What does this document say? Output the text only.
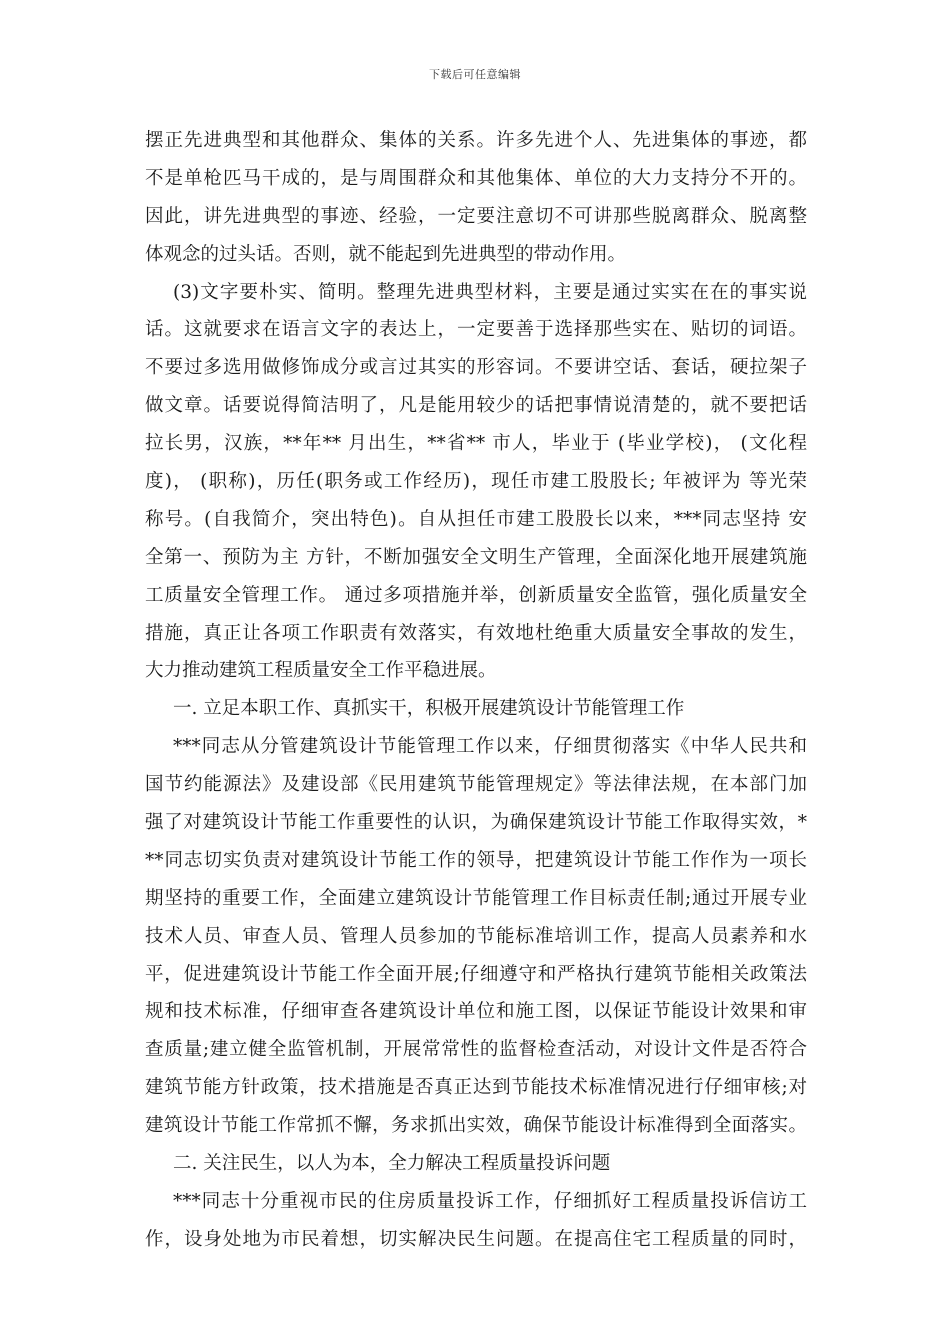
下载后可任意编辑
摆正先进典型和其他群众、集体的关系。许多先进个人、先进集体的事迹，都
不是单枪匹马干成的，是与周围群众和其他集体、单位的大力支持分不开的。
因此，讲先进典型的事迹、经验，一定要注意切不可讲那些脱离群众、脱离整
体观念的过头话。否则，就不能起到先进典型的带动作用。
(3)文字要朴实、简明。整理先进典型材料，主要是通过实实在在的事实说
话。这就要求在语言文字的表达上，一定要善于选择那些实在、贴切的词语。
不要过多选用做修饰成分或言过其实的形容词。不要讲空话、套话，硬拉架子
做文章。话要说得简洁明了，凡是能用较少的话把事情说清楚的，就不要把话
拉长男，汉族，**年** 月出生，**省** 市人，毕业于 (毕业学校)， (文化程
度)， (职称)，历任(职务或工作经历)，现任市建工股股长; 年被评为 等光荣
称号。(自我简介，突出特色)。自从担任市建工股股长以来，***同志坚持 安
全第一、预防为主 方针，不断加强安全文明生产管理，全面深化地开展建筑施
工质量安全管理工作。 通过多项措施并举，创新质量安全监管，强化质量安全
措施，真正让各项工作职责有效落实，有效地杜绝重大质量安全事故的发生，
大力推动建筑工程质量安全工作平稳进展。
一. 立足本职工作、真抓实干，积极开展建筑设计节能管理工作
***同志从分管建筑设计节能管理工作以来，仔细贯彻落实《中华人民共和
国节约能源法》及建设部《民用建筑节能管理规定》等法律法规，在本部门加
强了对建筑设计节能工作重要性的认识，为确保建筑设计节能工作取得实效，*
**同志切实负责对建筑设计节能工作的领导，把建筑设计节能工作作为一项长
期坚持的重要工作，全面建立建筑设计节能管理工作目标责任制;通过开展专业
技术人员、审查人员、管理人员参加的节能标准培训工作，提高人员素养和水
平，促进建筑设计节能工作全面开展;仔细遵守和严格执行建筑节能相关政策法
规和技术标准，仔细审查各建筑设计单位和施工图，以保证节能设计效果和审
查质量;建立健全监管机制，开展常常性的监督检查活动，对设计文件是否符合
建筑节能方针政策，技术措施是否真正达到节能技术标准情况进行仔细审核;对
建筑设计节能工作常抓不懈，务求抓出实效，确保节能设计标准得到全面落实。
二. 关注民生，以人为本，全力解决工程质量投诉问题
***同志十分重视市民的住房质量投诉工作，仔细抓好工程质量投诉信访工
作，设身处地为市民着想，切实解决民生问题。在提高住宅工程质量的同时，
